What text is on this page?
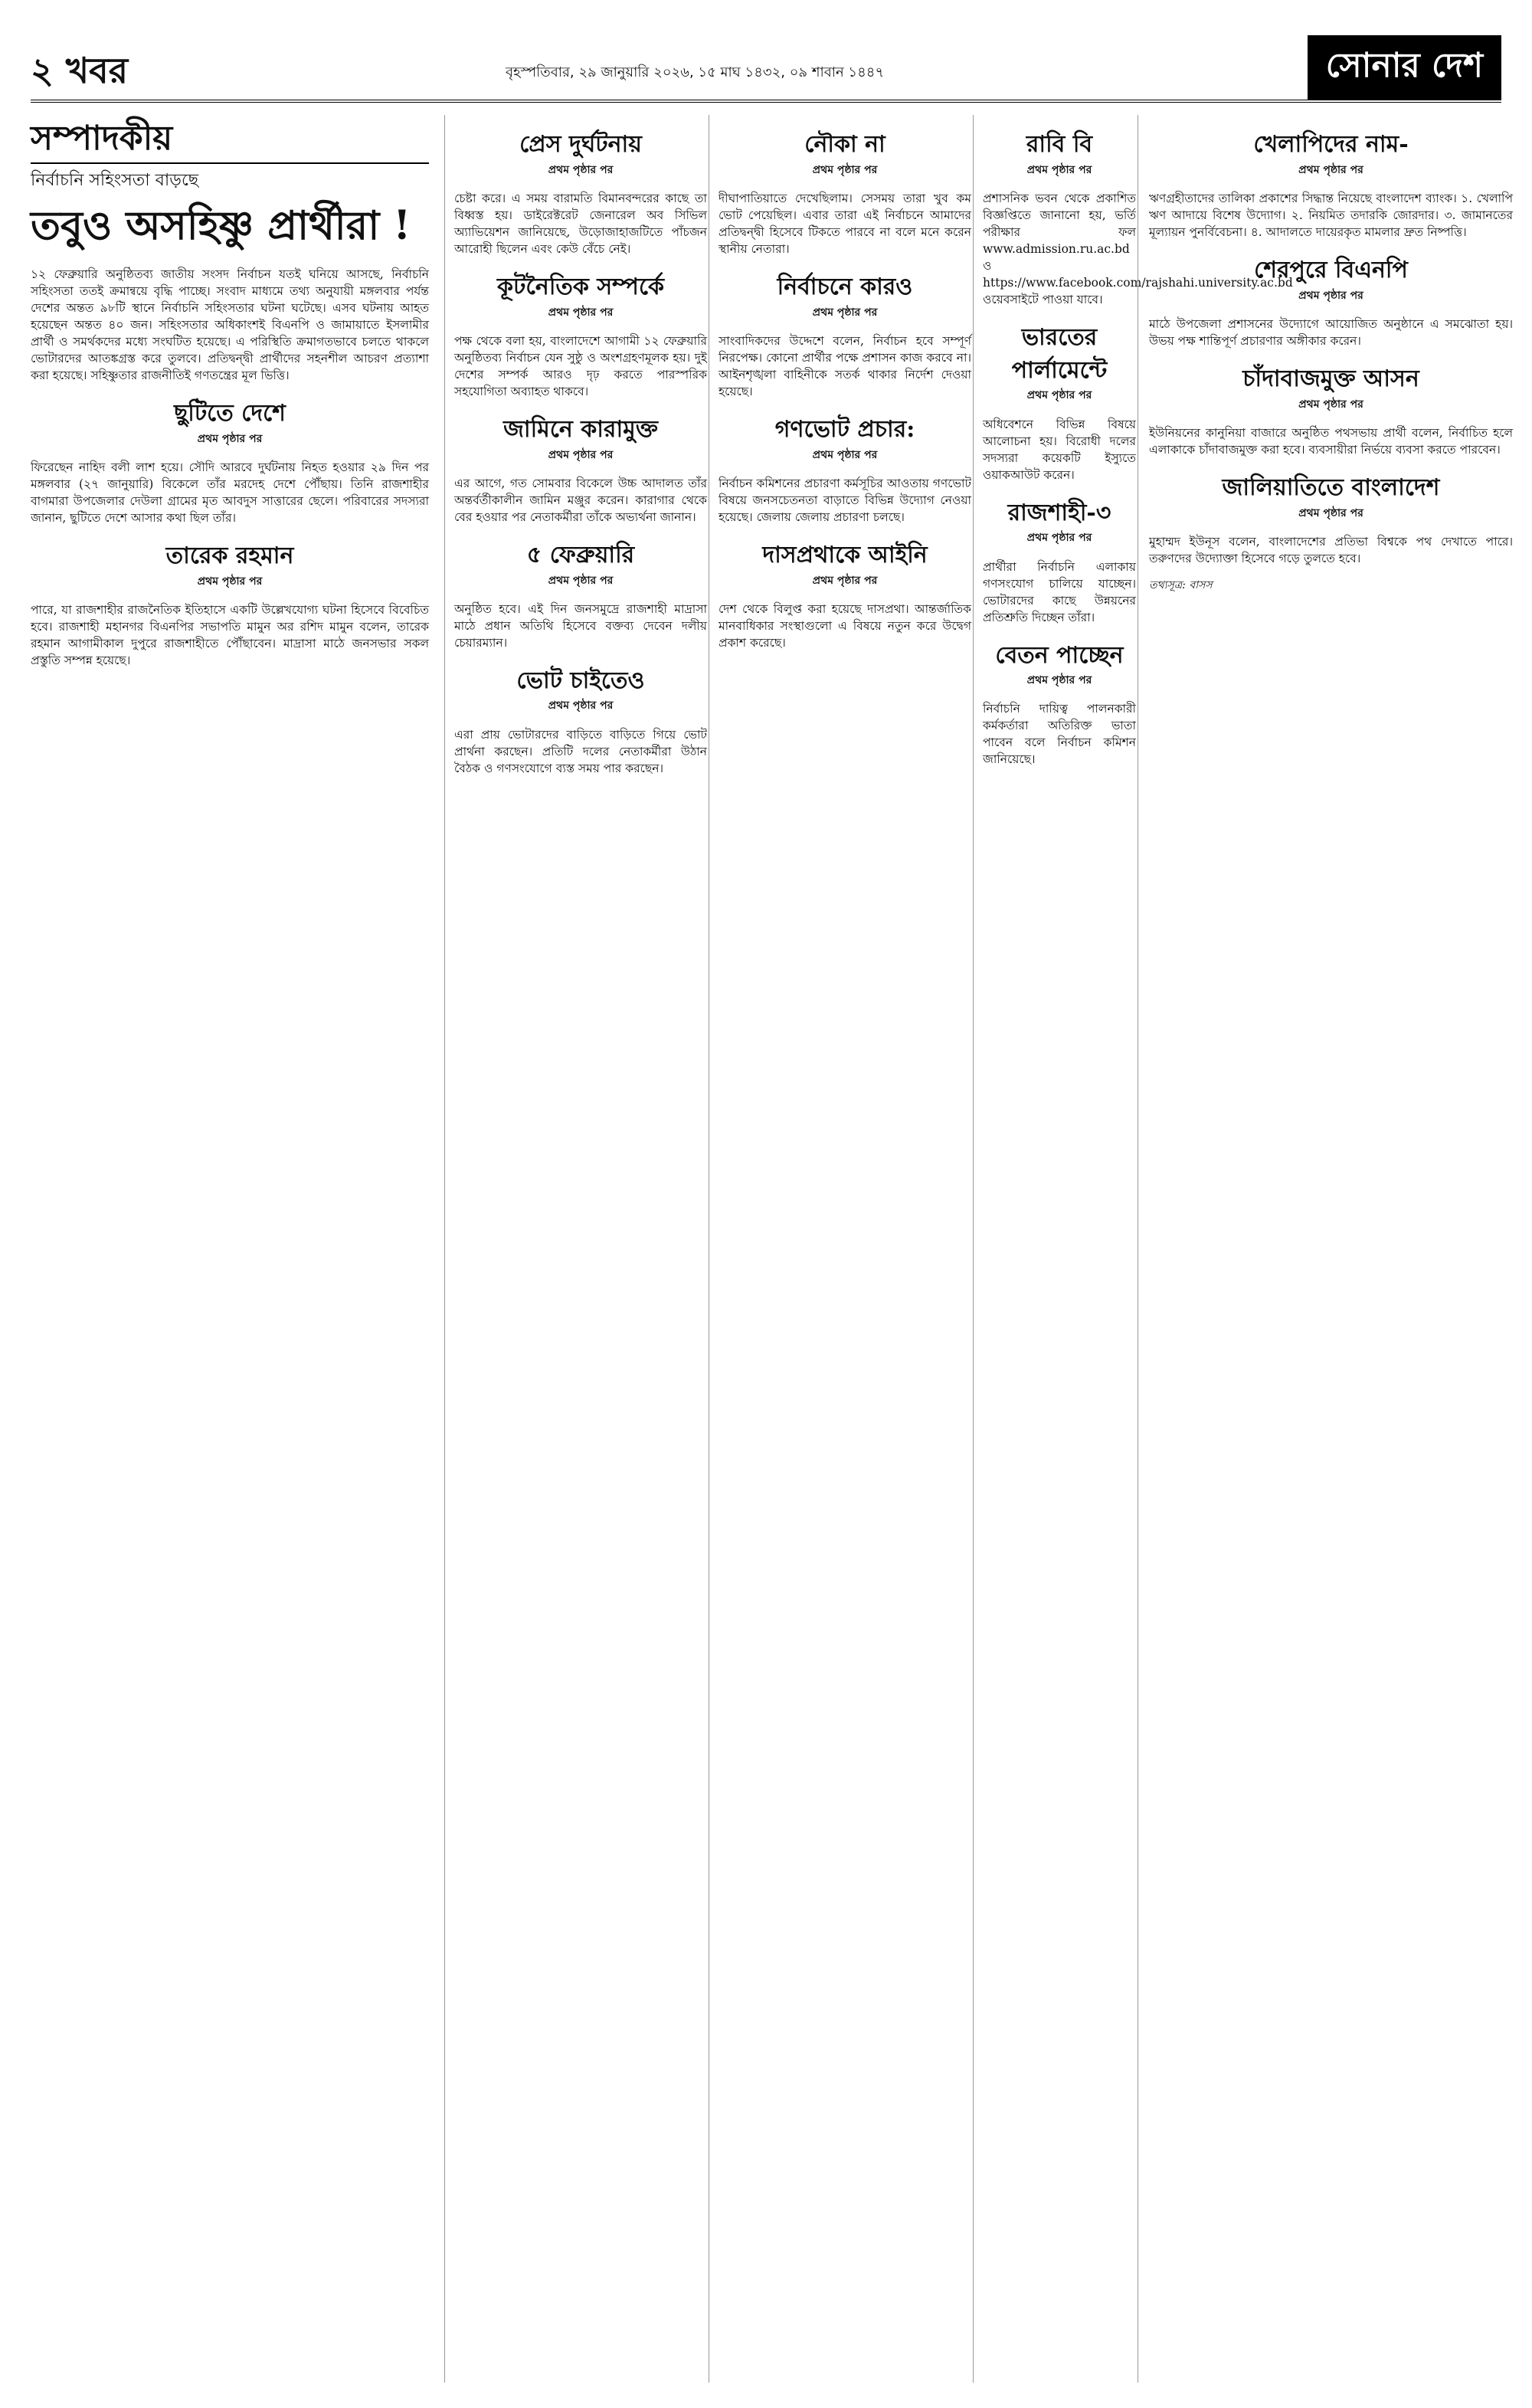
২ খবর	বৃহস্পতিবার, ২৯ জানুয়ারি ২০২৬, ১৫ মাঘ ১৪৩২, ০৯ শাবান ১৪৪৭	সোনার দেশ
সম্পাদকীয়
নির্বাচনি সহিংসতা বাড়ছে
তবুও অসহিষ্ণু প্রার্থীরা !

১২ ফেব্রুয়ারি অনুষ্ঠিতব্য জাতীয় সংসদ নির্বাচন যতই ঘনিয়ে আসছে, নির্বাচনি সহিংসতা ততই ক্রমান্বয়ে বৃদ্ধি পাচ্ছে। সংবাদ মাধ্যমে তথ্য অনুযায়ী মঙ্গলবার পর্যন্ত দেশের অন্তত ৯৮টি স্থানে নির্বাচনি সহিংসতার ঘটনা ঘটেছে। এসব ঘটনায় আহত হয়েছেন অন্তত ৪০ জন। সহিংসতার অধিকাংশই বিএনপি ও জামায়াতে ইসলামীর প্রার্থী ও সমর্থকদের মধ্যে সংঘটিত হয়েছে। এ পরিস্থিতি ক্রমাগতভাবে চলতে থাকলে ভোটারদের আতঙ্কগ্রস্ত করে তুলবে। প্রতিদ্বন্দ্বী প্রার্থীদের সহনশীল আচরণ প্রত্যাশা করা হয়েছে। সহিষ্ণুতার রাজনীতিই গণতন্ত্রের মূল ভিত্তি।

ছুটিতে দেশে
প্রথম পৃষ্ঠার পর

ফিরেছেন নাহিদ বলী লাশ হয়ে। সৌদি আরবে দুর্ঘটনায় নিহত হওয়ার ২৯ দিন পর মঙ্গলবার (২৭ জানুয়ারি) বিকেলে তাঁর মরদেহ দেশে পৌঁছায়। তিনি রাজশাহীর বাগমারা উপজেলার দেউলা গ্রামের মৃত আবদুস সাত্তারের ছেলে। পরিবারের সদস্যরা জানান, ছুটিতে দেশে আসার কথা ছিল তাঁর।

তারেক রহমান
প্রথম পৃষ্ঠার পর

পারে, যা রাজশাহীর রাজনৈতিক ইতিহাসে একটি উল্লেখযোগ্য ঘটনা হিসেবে বিবেচিত হবে। রাজশাহী মহানগর বিএনপির সভাপতি মামুন অর রশিদ মামুন বলেন, তারেক রহমান আগামীকাল দুপুরে রাজশাহীতে পৌঁছাবেন। মাদ্রাসা মাঠে জনসভার সকল প্রস্তুতি সম্পন্ন হয়েছে।

প্রেস দুর্ঘটনায়
প্রথম পৃষ্ঠার পর

চেষ্টা করে। এ সময় বারামতি বিমানবন্দরের কাছে তা বিধ্বস্ত হয়। ডাইরেক্টরেট জেনারেল অব সিভিল অ্যাভিয়েশন জানিয়েছে, উড়োজাহাজটিতে পাঁচজন আরোহী ছিলেন এবং কেউ বেঁচে নেই।

কূটনৈতিক সম্পর্কে
প্রথম পৃষ্ঠার পর

পক্ষ থেকে বলা হয়, বাংলাদেশে আগামী ১২ ফেব্রুয়ারি অনুষ্ঠিতব্য নির্বাচন যেন সুষ্ঠু ও অংশগ্রহণমূলক হয়। দুই দেশের সম্পর্ক আরও দৃঢ় করতে পারস্পরিক সহযোগিতা অব্যাহত থাকবে।

জামিনে কারামুক্ত
প্রথম পৃষ্ঠার পর

এর আগে, গত সোমবার বিকেলে উচ্চ আদালত তাঁর অন্তর্বর্তীকালীন জামিন মঞ্জুর করেন। কারাগার থেকে বের হওয়ার পর নেতাকর্মীরা তাঁকে অভ্যর্থনা জানান।

৫ ফেব্রুয়ারি
প্রথম পৃষ্ঠার পর

অনুষ্ঠিত হবে। এই দিন জনসমুদ্রে রাজশাহী মাদ্রাসা মাঠে প্রধান অতিথি হিসেবে বক্তব্য দেবেন দলীয় চেয়ারম্যান।

ভোট চাইতেও
প্রথম পৃষ্ঠার পর

এরা প্রায় ভোটারদের বাড়িতে বাড়িতে গিয়ে ভোট প্রার্থনা করছেন। প্রতিটি দলের নেতাকর্মীরা উঠান বৈঠক ও গণসংযোগে ব্যস্ত সময় পার করছেন।

নৌকা না
প্রথম পৃষ্ঠার পর

দীঘাপাতিয়াতে দেখেছিলাম। সেসময় তারা খুব কম ভোট পেয়েছিল। এবার তারা এই নির্বাচনে আমাদের প্রতিদ্বন্দ্বী হিসেবে টিকতে পারবে না বলে মনে করেন স্থানীয় নেতারা।

নির্বাচনে কারও
প্রথম পৃষ্ঠার পর

সাংবাদিকদের উদ্দেশে বলেন, নির্বাচন হবে সম্পূর্ণ নিরপেক্ষ। কোনো প্রার্থীর পক্ষে প্রশাসন কাজ করবে না। আইনশৃঙ্খলা বাহিনীকে সতর্ক থাকার নির্দেশ দেওয়া হয়েছে।

গণভোট প্রচার:
প্রথম পৃষ্ঠার পর

নির্বাচন কমিশনের প্রচারণা কর্মসূচির আওতায় গণভোট বিষয়ে জনসচেতনতা বাড়াতে বিভিন্ন উদ্যোগ নেওয়া হয়েছে। জেলায় জেলায় প্রচারণা চলছে।

দাসপ্রথাকে আইনি
প্রথম পৃষ্ঠার পর

দেশ থেকে বিলুপ্ত করা হয়েছে দাসপ্রথা। আন্তর্জাতিক মানবাধিকার সংস্থাগুলো এ বিষয়ে নতুন করে উদ্বেগ প্রকাশ করেছে।

রাবি বি
প্রথম পৃষ্ঠার পর

প্রশাসনিক ভবন থেকে প্রকাশিত বিজ্ঞপ্তিতে জানানো হয়, ভর্তি পরীক্ষার ফল www.admission.ru.ac.bd ও https://www.facebook.com/rajshahi.university.ac.bd ওয়েবসাইটে পাওয়া যাবে।

ভারতের পার্লামেন্টে
প্রথম পৃষ্ঠার পর

অধিবেশনে বিভিন্ন বিষয়ে আলোচনা হয়। বিরোধী দলের সদস্যরা কয়েকটি ইস্যুতে ওয়াকআউট করেন।

রাজশাহী-৩
প্রথম পৃষ্ঠার পর

প্রার্থীরা নির্বাচনি এলাকায় গণসংযোগ চালিয়ে যাচ্ছেন। ভোটারদের কাছে উন্নয়নের প্রতিশ্রুতি দিচ্ছেন তাঁরা।

বেতন পাচ্ছেন
প্রথম পৃষ্ঠার পর

নির্বাচনি দায়িত্ব পালনকারী কর্মকর্তারা অতিরিক্ত ভাতা পাবেন বলে নির্বাচন কমিশন জানিয়েছে।

খেলাপিদের নাম-
প্রথম পৃষ্ঠার পর

ঋণগ্রহীতাদের তালিকা প্রকাশের সিদ্ধান্ত নিয়েছে বাংলাদেশ ব্যাংক। ১. খেলাপি ঋণ আদায়ে বিশেষ উদ্যোগ। ২. নিয়মিত তদারকি জোরদার। ৩. জামানতের মূল্যায়ন পুনর্বিবেচনা। ৪. আদালতে দায়েরকৃত মামলার দ্রুত নিষ্পত্তি।

শেরপুরে বিএনপি
প্রথম পৃষ্ঠার পর

মাঠে উপজেলা প্রশাসনের উদ্যোগে আয়োজিত অনুষ্ঠানে এ সমঝোতা হয়। উভয় পক্ষ শান্তিপূর্ণ প্রচারণার অঙ্গীকার করেন।

চাঁদাবাজমুক্ত আসন
প্রথম পৃষ্ঠার পর

ইউনিয়নের কানুনিয়া বাজারে অনুষ্ঠিত পথসভায় প্রার্থী বলেন, নির্বাচিত হলে এলাকাকে চাঁদাবাজমুক্ত করা হবে। ব্যবসায়ীরা নির্ভয়ে ব্যবসা করতে পারবেন।

জালিয়াতিতে বাংলাদেশ
প্রথম পৃষ্ঠার পর

মুহাম্মদ ইউনূস বলেন, বাংলাদেশের প্রতিভা বিশ্বকে পথ দেখাতে পারে। তরুণদের উদ্যোক্তা হিসেবে গড়ে তুলতে হবে।

তথ্যসূত্র: বাসস
